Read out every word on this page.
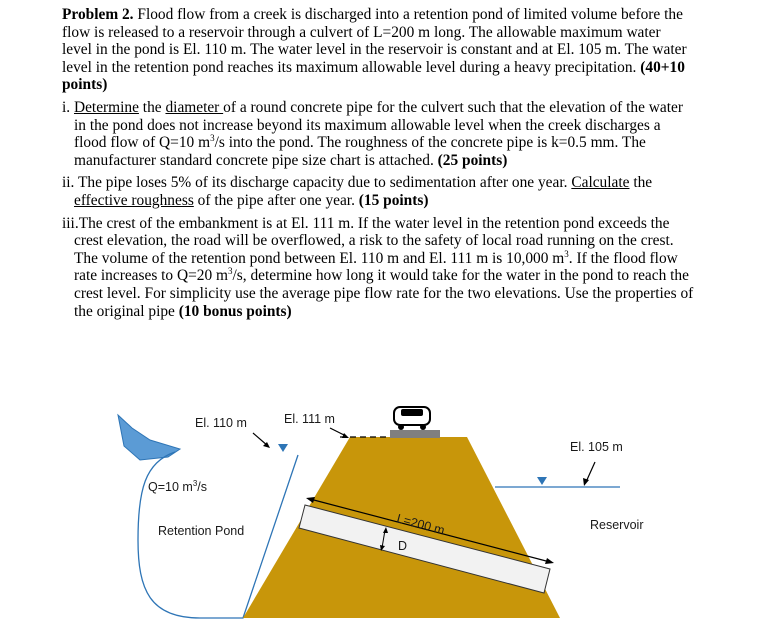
Problem 2. Flood flow from a creek is discharged into a retention pond of limited volume before the flow is released to a reservoir through a culvert of L=200 m long. The allowable maximum water level in the pond is El. 110 m. The water level in the reservoir is constant and at El. 105 m. The water level in the retention pond reaches its maximum allowable level during a heavy precipitation. (40+10 points)

i. Determine the diameter of a round concrete pipe for the culvert such that the elevation of the water in the pond does not increase beyond its maximum allowable level when the creek discharges a flood flow of Q=10 $m^3/s$ into the pond. The roughness of the concrete pipe is k=0.5 mm. The manufacturer standard concrete pipe size chart is attached. (25 points)

ii. The pipe loses 5% of its discharge capacity due to sedimentation after one year. Calculate the effective roughness of the pipe after one year. (15 points)

iii.The crest of the embankment is at El. 111 m. If the water level in the retention pond exceeds the crest elevation, the road will be overflowed, a risk to the safety of local road running on the crest. The volume of the retention pond between El. 110 m and El. 111 m is 10,000 $m^3$. If the flood flow rate increases to Q=20 $m^3/s$, determine how long it would take for the water in the pond to reach the crest level. For simplicity use the average pipe flow rate for the two elevations. Use the properties of the original pipe (10 bonus points)

El. 110 m	El. 111 m
El. 105 m
Q=10 $m^3/s$
Retention Pond	Reservoir
L=200 m
D
